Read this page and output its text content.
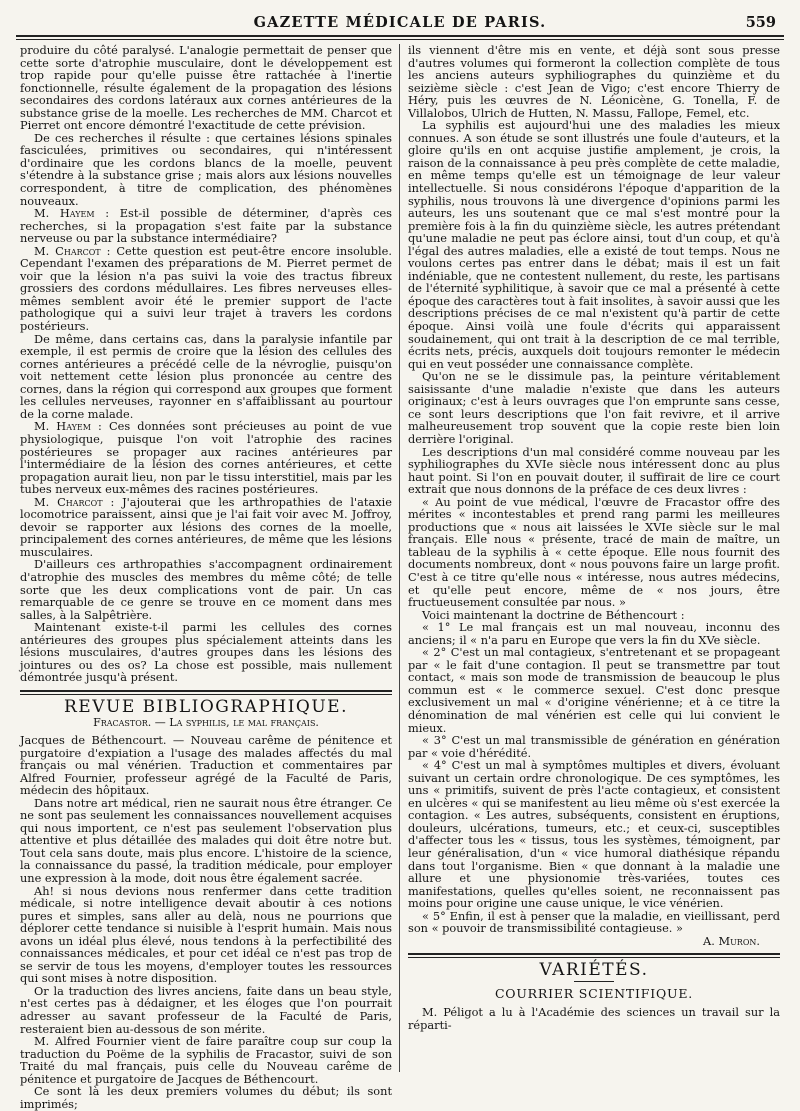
GAZETTE MÉDICALE DE PARIS.	559

produire du côté paralysé. L'analogie permettait de penser que cette sorte d'atrophie musculaire, dont le développement est trop rapide pour qu'elle puisse être rattachée à l'inertie fonctionnelle, résulte également de la propagation des lésions secondaires des cordons latéraux aux cornes antérieures de la substance grise de la moelle. Les recherches de MM. Charcot et Pierret ont encore démontré l'exactitude de cette prévision.

De ces recherches il résulte : que certaines lésions spinales fasciculées, primitives ou secondaires, qui n'intéressent d'ordinaire que les cordons blancs de la moelle, peuvent s'étendre à la substance grise ; mais alors aux lésions nouvelles correspondent, à titre de complication, des phénomènes nouveaux.

M. Hayem : Est-il possible de déterminer, d'après ces recherches, si la propagation s'est faite par la substance nerveuse ou par la substance intermédiaire?

M. Charcot : Cette question est peut-être encore insoluble. Cependant l'examen des préparations de M. Pierret permet de voir que la lésion n'a pas suivi la voie des tractus fibreux grossiers des cordons médullaires. Les fibres nerveuses elles-mêmes semblent avoir été le premier support de l'acte pathologique qui a suivi leur trajet à travers les cordons postérieurs.

De même, dans certains cas, dans la paralysie infantile par exemple, il est permis de croire que la lésion des cellules des cornes antérieures a précédé celle de la névroglie, puisqu'on voit nettement cette lésion plus prononcée au centre des cornes, dans la région qui correspond aux groupes que forment les cellules nerveuses, rayonner en s'affaiblissant au pourtour de la corne malade.

M. Hayem : Ces données sont précieuses au point de vue physiologique, puisque l'on voit l'atrophie des racines postérieures se propager aux racines antérieures par l'intermédiaire de la lésion des cornes antérieures, et cette propagation aurait lieu, non par le tissu interstitiel, mais par les tubes nerveux eux-mêmes des racines postérieures.

M. Charcot : J'ajouterai que les arthropathies de l'ataxie locomotrice paraissent, ainsi que je l'ai fait voir avec M. Joffroy, devoir se rapporter aux lésions des cornes de la moelle, principalement des cornes antérieures, de même que les lésions musculaires.

D'ailleurs ces arthropathies s'accompagnent ordinairement d'atrophie des muscles des membres du même côté; de telle sorte que les deux complications vont de pair. Un cas remarquable de ce genre se trouve en ce moment dans mes salles, à la Salpêtrière.

Maintenant existe-t-il parmi les cellules des cornes antérieures des groupes plus spécialement atteints dans les lésions musculaires, d'autres groupes dans les lésions des jointures ou des os? La chose est possible, mais nullement démontrée jusqu'à présent.

REVUE BIBLIOGRAPHIQUE.
Fracastor. — La syphilis, le mal français.

Jacques de Béthencourt. — Nouveau carême de pénitence et purgatoire d'expiation a l'usage des malades affectés du mal français ou mal vénérien. Traduction et commentaires par Alfred Fournier, professeur agrégé de la Faculté de Paris, médecin des hôpitaux.

Dans notre art médical, rien ne saurait nous être étranger. Ce ne sont pas seulement les connaissances nouvellement acquises qui nous importent, ce n'est pas seulement l'observation plus attentive et plus détaillée des malades qui doit être notre but. Tout cela sans doute, mais plus encore. L'histoire de la science, la connaissance du passé, la tradition médicale, pour employer une expression à la mode, doit nous être également sacrée.

Ah! si nous devions nous renfermer dans cette tradition médicale, si notre intelligence devait aboutir à ces notions pures et simples, sans aller au delà, nous ne pourrions que déplorer cette tendance si nuisible à l'esprit humain. Mais nous avons un idéal plus élevé, nous tendons à la perfectibilité des connaissances médicales, et pour cet idéal ce n'est pas trop de se servir de tous les moyens, d'employer toutes les ressources qui sont mises à notre disposition.

Or la traduction des livres anciens, faite dans un beau style, n'est certes pas à dédaigner, et les éloges que l'on pourrait adresser au savant professeur de la Faculté de Paris, resteraient bien au-dessous de son mérite.

M. Alfred Fournier vient de faire paraître coup sur coup la traduction du Poëme de la syphilis de Fracastor, suivi de son Traité du mal français, puis celle du Nouveau carême de pénitence et purgatoire de Jacques de Béthencourt.

Ce sont là les deux premiers volumes du début; ils sont imprimés;

ils viennent d'être mis en vente, et déjà sont sous presse d'autres volumes qui formeront la collection complète de tous les anciens auteurs syphiliographes du quinzième et du seizième siècle : c'est Jean de Vigo; c'est encore Thierry de Héry, puis les œuvres de N. Léonicène, G. Tonella, F. de Villalobos, Ulrich de Hutten, N. Massu, Fallope, Femel, etc.

La syphilis est aujourd'hui une des maladies les mieux connues. A son étude se sont illustrés une foule d'auteurs, et la gloire qu'ils en ont acquise justifie amplement, je crois, la raison de la connaissance à peu près complète de cette maladie, en même temps qu'elle est un témoignage de leur valeur intellectuelle. Si nous considérons l'époque d'apparition de la syphilis, nous trouvons là une divergence d'opinions parmi les auteurs, les uns soutenant que ce mal s'est montré pour la première fois à la fin du quinzième siècle, les autres prétendant qu'une maladie ne peut pas éclore ainsi, tout d'un coup, et qu'à l'égal des autres maladies, elle a existé de tout temps. Nous ne voulons certes pas entrer dans le débat; mais il est un fait indéniable, que ne contestent nullement, du reste, les partisans de l'éternité syphilitique, à savoir que ce mal a présenté à cette époque des caractères tout à fait insolites, à savoir aussi que les descriptions précises de ce mal n'existent qu'à partir de cette époque. Ainsi voilà une foule d'écrits qui apparaissent soudainement, qui ont trait à la description de ce mal terrible, écrits nets, précis, auxquels doit toujours remonter le médecin qui en veut posséder une connaissance complète.

Qu'on ne se le dissimule pas, la peinture véritablement saisissante d'une maladie n'existe que dans les auteurs originaux; c'est à leurs ouvrages que l'on emprunte sans cesse, ce sont leurs descriptions que l'on fait revivre, et il arrive malheureusement trop souvent que la copie reste bien loin derrière l'original.

Les descriptions d'un mal considéré comme nouveau par les syphiliographes du XVIe siècle nous intéressent donc au plus haut point. Si l'on en pouvait douter, il suffirait de lire ce court extrait que nous donnons de la préface de ces deux livres :

« Au point de vue médical, l'œuvre de Fracastor offre des mérites « incontestables et prend rang parmi les meilleures productions que « nous ait laissées le XVIe siècle sur le mal français. Elle nous « présente, tracé de main de maître, un tableau de la syphilis à « cette époque. Elle nous fournit des documents nombreux, dont « nous pouvons faire un large profit. C'est à ce titre qu'elle nous « intéresse, nous autres médecins, et qu'elle peut encore, même de « nos jours, être fructueusement consultée par nous. »

Voici maintenant la doctrine de Béthencourt :

« 1° Le mal français est un mal nouveau, inconnu des anciens; il « n'a paru en Europe que vers la fin du XVe siècle.

« 2° C'est un mal contagieux, s'entretenant et se propageant par « le fait d'une contagion. Il peut se transmettre par tout contact, « mais son mode de transmission de beaucoup le plus commun est « le commerce sexuel. C'est donc presque exclusivement un mal « d'origine vénérienne; et à ce titre la dénomination de mal vénérien est celle qui lui convient le mieux.

« 3° C'est un mal transmissible de génération en génération par « voie d'hérédité.

« 4° C'est un mal à symptômes multiples et divers, évoluant suivant un certain ordre chronologique. De ces symptômes, les uns « primitifs, suivent de près l'acte contagieux, et consistent en ulcères « qui se manifestent au lieu même où s'est exercée la contagion. « Les autres, subséquents, consistent en éruptions, douleurs, ulcérations, tumeurs, etc.; et ceux-ci, susceptibles d'affecter tous les « tissus, tous les systèmes, témoignent, par leur généralisation, d'un « vice humoral diathésique répandu dans tout l'organisme. Bien « que donnant à la maladie une allure et une physionomie très-variées, toutes ces manifestations, quelles qu'elles soient, ne reconnaissent pas moins pour origine une cause unique, le vice vénérien.

« 5° Enfin, il est à penser que la maladie, en vieillissant, perd son « pouvoir de transmissibilité contagieuse. »

A. Muron.
VARIÉTÉS.
COURRIER SCIENTIFIQUE.

M. Péligot a lu à l'Académie des sciences un travail sur la réparti-
